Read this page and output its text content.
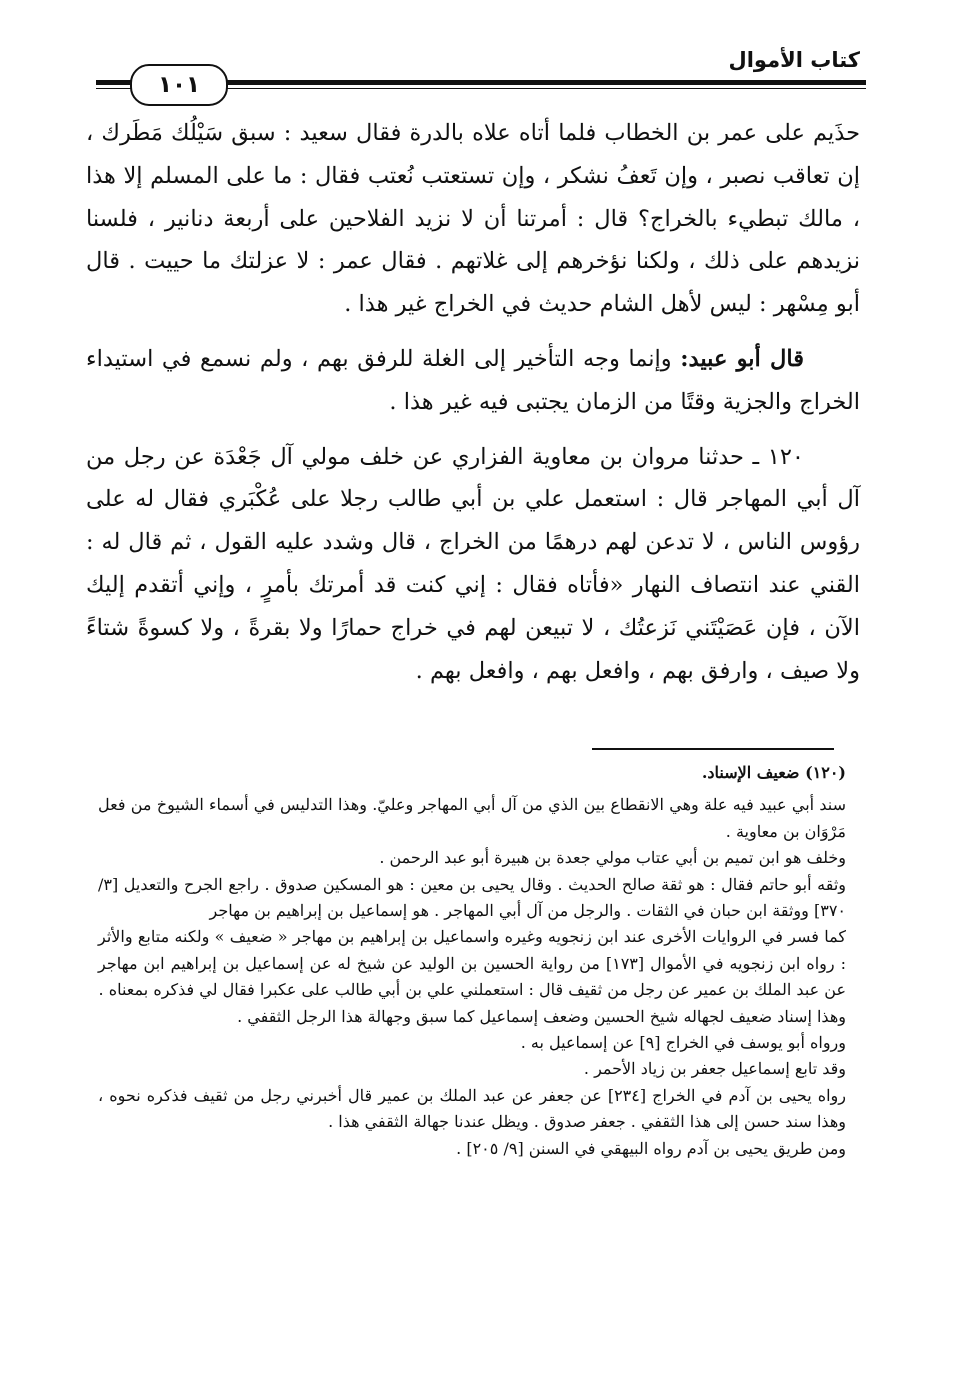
كتاب الأموال
١٠١

حذَيم على عمر بن الخطاب فلما أتاه علاه بالدرة فقال سعيد : سبق سَيْلُك مَطَرك ، إن تعاقب نصبر ، وإن تَعفُ نشكر ، وإن تستعتب نُعتب فقال : ما على المسلم إلا هذا ، مالك تبطيء بالخراج؟ قال : أمرتنا أن لا نزيد الفلاحين على أربعة دنانير ، فلسنا نزيدهم على ذلك ، ولكنا نؤخرهم إلى غلاتهم . فقال عمر : لا عزلتك ما حييت . قال أبو مِسْهر : ليس لأهل الشام حديث في الخراج غير هذا .

قال أبو عبيد: وإنما وجه التأخير إلى الغلة للرفق بهم ، ولم نسمع في استيداء الخراج والجزية وقتًا من الزمان يجتبى فيه غير هذا .

١٢٠ ـ حدثنا مروان بن معاوية الفزاري عن خلف مولي آل جَعْدَة عن رجل من آل أبي المهاجر قال : استعمل علي بن أبي طالب رجلا على عُكْبَري فقال له على رؤوس الناس ، لا تدعن لهم درهمًا من الخراج ، قال وشدد عليه القول ، ثم قال له : القني عند انتصاف النهار «فأتاه فقال : إني كنت قد أمرتك بأمرٍ ، وإني أتقدم إليك الآن ، فإن عَصَيْتَني نَزعتُك ، لا تبيعن لهم في خراج حمارًا ولا بقرةً ، ولا كسوةً شتاءً ولا صيف ، وارفق بهم ، وافعل بهم ، وافعل بهم .

(١٢٠) ضعيف الإسناد.

سند أبي عبيد فيه علة وهي الانقطاع بين الذي من آل أبي المهاجر وعليّ. وهذا التدليس في أسماء الشيوخ من فعل مَرْوَان بن معاوية .

وخلف هو ابن تميم بن أبي عتاب مولي جعدة بن هبيرة أبو عبد الرحمن .

وثقه أبو حاتم فقال : هو ثقة صالح الحديث . وقال يحيى بن معين : هو المسكين صدوق . راجع الجرح والتعديل [٣/ ٣٧٠] ووثقة ابن حبان في الثقات . والرجل من آل أبي المهاجر . هو إسماعيل بن إبراهيم بن مهاجر

كما فسر في الروايات الأخرى عند ابن زنجويه وغيره واسماعيل بن إبراهيم بن مهاجر « ضعيف » ولكنه متابع والأثر : رواه ابن زنجويه في الأموال [١٧٣] من رواية الحسين بن الوليد عن شيخ له عن إسماعيل بن إبراهيم ابن مهاجر عن عبد الملك بن عمير عن رجل من ثقيف قال : استعملني علي بن أبي طالب على عكبرا فقال لي فذكره بمعناه .

وهذا إسناد ضعيف لجهاله شيخ الحسين وضعف إسماعيل كما سبق وجهالة هذا الرجل الثقفي .

ورواه أبو يوسف في الخراج [٩] عن إسماعيل به .

وقد تابع إسماعيل جعفر بن زياد الأحمر .

رواه يحيى بن آدم في الخراج [٢٣٤] عن جعفر عن عبد الملك بن عمير قال أخبرني رجل من ثقيف فذكره نحوه ، وهذا سند حسن إلى هذا الثقفي . جعفر صدوق . ويظل عندنا جهالة الثقفي هذا .

ومن طريق يحيى بن آدم رواه البيهقي في السنن [٩/ ٢٠٥] .
